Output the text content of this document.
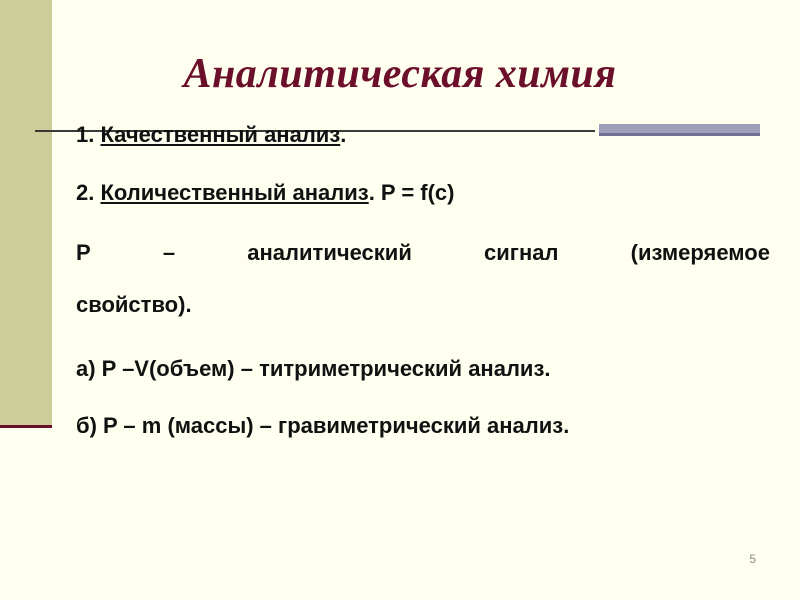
Аналитическая химия

1. Качественный анализ.

2. Количественный анализ. P = f(c)

P	–	аналитический	сигнал	(измеряемое

свойство).

а) P –V(объем) – титриметрический анализ.

б) P – m (массы) – гравиметрический анализ.

5
